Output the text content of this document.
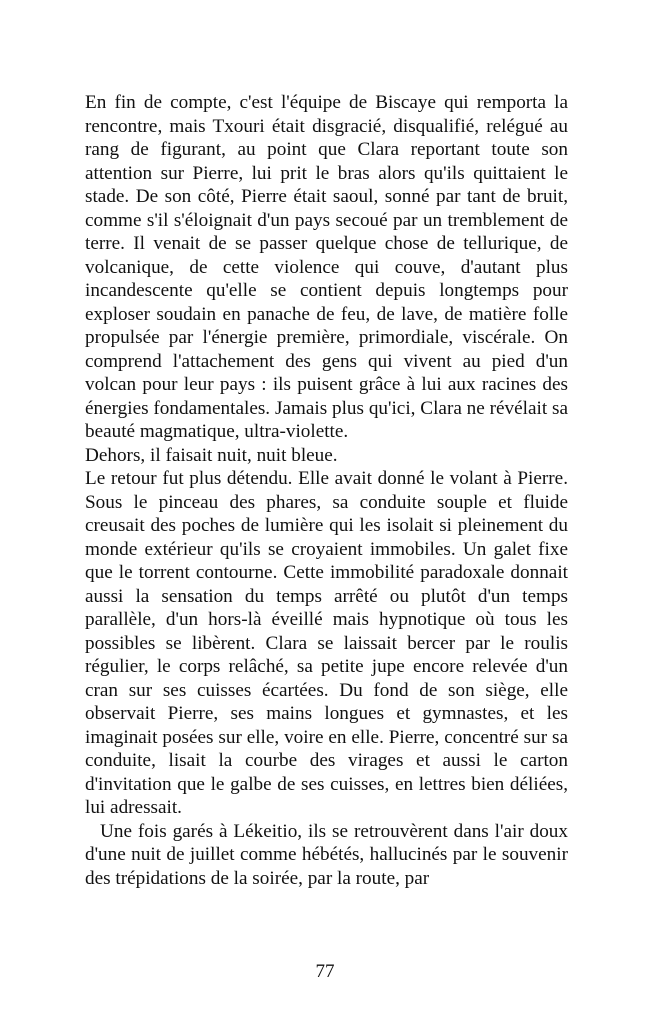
En fin de compte, c'est l'équipe de Biscaye qui remporta la rencontre, mais Txouri était disgracié, disqualifié, relégué au rang de figurant, au point que Clara reportant toute son attention sur Pierre, lui prit le bras alors qu'ils quittaient le stade. De son côté, Pierre était saoul, sonné par tant de bruit, comme s'il s'éloignait d'un pays secoué par un tremblement de terre. Il venait de se passer quelque chose de tellurique, de volcanique, de cette violence qui couve, d'autant plus incandescente qu'elle se contient depuis longtemps pour exploser soudain en panache de feu, de lave, de matière folle propulsée par l'énergie première, primordiale, viscérale. On comprend l'attachement des gens qui vivent au pied d'un volcan pour leur pays : ils puisent grâce à lui aux racines des énergies fondamentales. Jamais plus qu'ici, Clara ne révélait sa beauté magmatique, ultra-violette.

Dehors, il faisait nuit, nuit bleue.

Le retour fut plus détendu. Elle avait donné le volant à Pierre. Sous le pinceau des phares, sa conduite souple et fluide creusait des poches de lumière qui les isolait si pleinement du monde extérieur qu'ils se croyaient immobiles. Un galet fixe que le torrent contourne. Cette immobilité paradoxale donnait aussi la sensation du temps arrêté ou plutôt d'un temps parallèle, d'un hors-là éveillé mais hypnotique où tous les possibles se libèrent. Clara se laissait bercer par le roulis régulier, le corps relâché, sa petite jupe encore relevée d'un cran sur ses cuisses écartées. Du fond de son siège, elle observait Pierre, ses mains longues et gymnastes, et les imaginait posées sur elle, voire en elle. Pierre, concentré sur sa conduite, lisait la courbe des virages et aussi le carton d'invitation que le galbe de ses cuisses, en lettres bien déliées, lui adressait.

Une fois garés à Lékeitio, ils se retrouvèrent dans l'air doux d'une nuit de juillet comme hébétés, hallucinés par le souvenir des trépidations de la soirée, par la route, par

77
